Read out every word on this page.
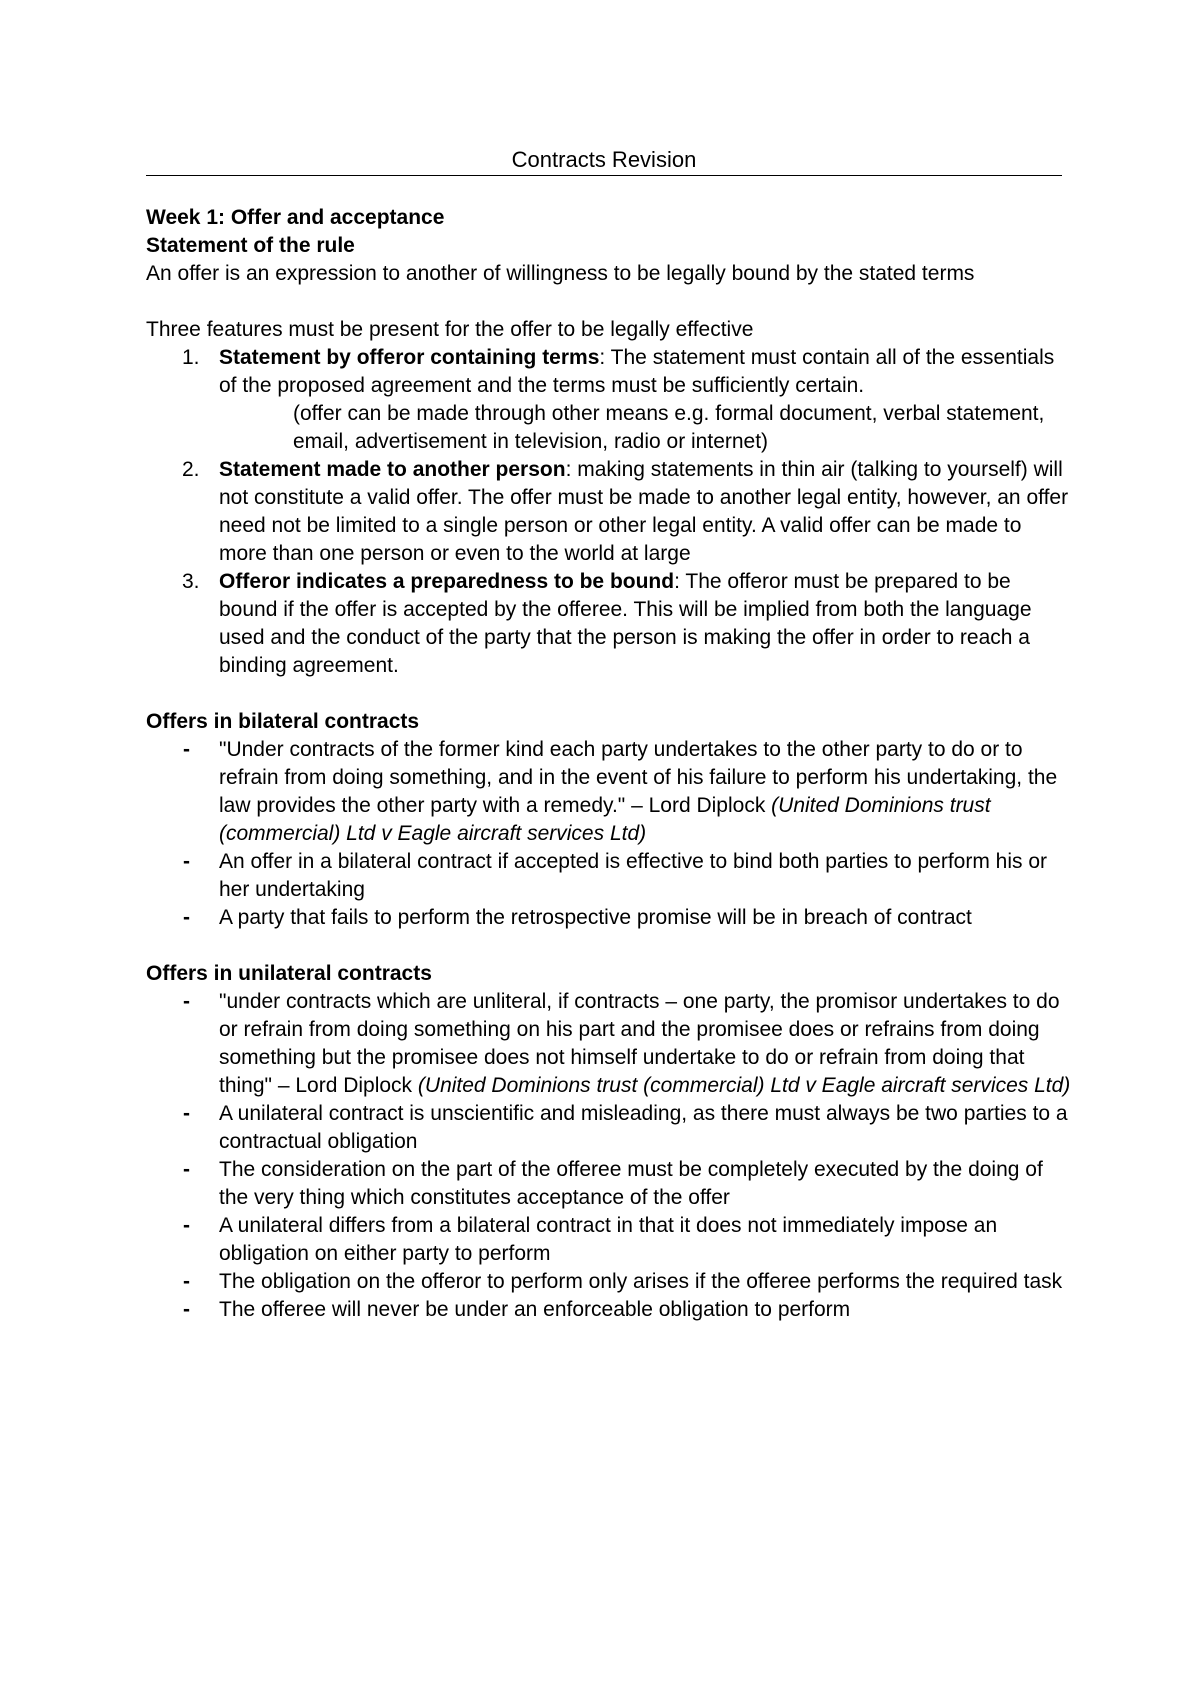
Contracts Revision
Week 1: Offer and acceptance
Statement of the rule

An offer is an expression to another of willingness to be legally bound by the stated terms

Three features must be present for the offer to be legally effective

1. Statement by offeror containing terms: The statement must contain all of the essentials of the proposed agreement and the terms must be sufficiently certain.
(offer can be made through other means e.g. formal document, verbal statement, email, advertisement in television, radio or internet)
2. Statement made to another person: making statements in thin air (talking to yourself) will not constitute a valid offer. The offer must be made to another legal entity, however, an offer need not be limited to a single person or other legal entity. A valid offer can be made to more than one person or even to the world at large
3. Offeror indicates a preparedness to be bound: The offeror must be prepared to be bound if the offer is accepted by the offeree. This will be implied from both the language used and the conduct of the party that the person is making the offer in order to reach a binding agreement.
Offers in bilateral contracts
- "Under contracts of the former kind each party undertakes to the other party to do or to refrain from doing something, and in the event of his failure to perform his undertaking, the law provides the other party with a remedy." – Lord Diplock (United Dominions trust (commercial) Ltd v Eagle aircraft services Ltd)
- An offer in a bilateral contract if accepted is effective to bind both parties to perform his or her undertaking
- A party that fails to perform the retrospective promise will be in breach of contract
Offers in unilateral contracts
- "under contracts which are unliteral, if contracts – one party, the promisor undertakes to do or refrain from doing something on his part and the promisee does or refrains from doing something but the promisee does not himself undertake to do or refrain from doing that thing" – Lord Diplock (United Dominions trust (commercial) Ltd v Eagle aircraft services Ltd)
- A unilateral contract is unscientific and misleading, as there must always be two parties to a contractual obligation
- The consideration on the part of the offeree must be completely executed by the doing of the very thing which constitutes acceptance of the offer
- A unilateral differs from a bilateral contract in that it does not immediately impose an obligation on either party to perform
- The obligation on the offeror to perform only arises if the offeree performs the required task
- The offeree will never be under an enforceable obligation to perform
